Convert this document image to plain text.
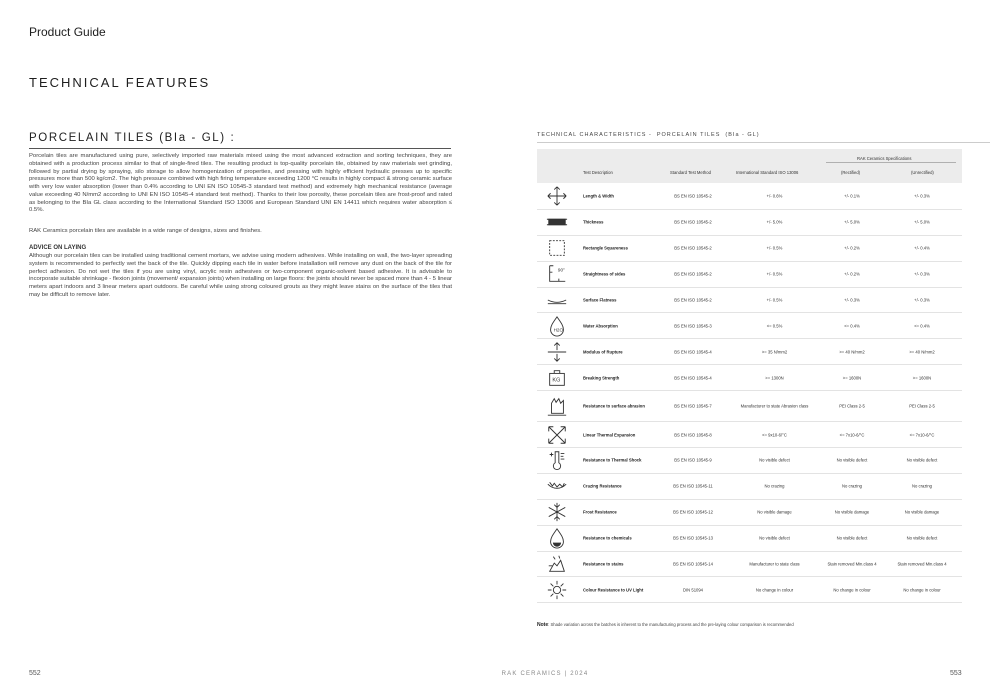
Product Guide
TECHNICAL FEATURES
PORCELAIN TILES (BIa - GL) :

Porcelain tiles are manufactured using pure, selectively imported raw materials mixed using the most advanced extraction and sorting techniques, they are obtained with a production process similar to that of single-fired tiles. The resulting product is top-quality porcelain tile, obtained by raw materials wet grinding, followed by partial drying by spraying, silo storage to allow homogenization of properties, and pressing with highly efficient hydraulic presses up to specific pressures more than 500 kg/cm2. The high pressure combined with high firing temperature exceeding 1200 °C results in highly compact & strong ceramic surface with very low water absorption (lower than 0.4% according to UNI EN ISO 10545-3 standard test method) and extremely high mechanical resistance (average value exceeding 40 N/mm2 according to UNI EN ISO 10545-4 standard test method). Thanks to their low porosity, these porcelain tiles are frost-proof and rated as belonging to the BIa GL class according to the International Standard ISO 13006 and European Standard UNI EN 14411 which requires water absorption ≤ 0.5%.

RAK Ceramics porcelain tiles are available in a wide range of designs, sizes and finishes.

ADVICE ON LAYING

Although our porcelain tiles can be installed using traditional cement mortars, we advise using modern adhesives. While installing on wall, the two-layer spreading system is recommended to perfectly wet the back of the tile. Quickly dipping each tile in water before installation will remove any dust on the back of the tile for perfect adhesion. Do not wet the tiles if you are using vinyl, acrylic resin adhesives or two-component organic-solvent based adhesive. It is advisable to incorporate suitable shrinkage - flexion joints (movement/ expansion joints) when installing on large floors: the joints should never be spaced more than 4 - 5 linear meters apart indoors and 3 linear meters apart outdoors. Be careful while using strong coloured grouts as they might leave stains on the surface of the tiles that may be difficult to remove later.

TECHNICAL CHARACTERISTICS -  PORCELAIN TILES  (BIa - GL)
Test Description	Standard Test Method	International Standard ISO 13006	(Rectified)	(Unrectified)
RAK Ceramics Specifications
Length & Width	BS EN ISO 10545-2	+/- 0.6%	+/- 0.1%	+/- 0.3%
Thickness	BS EN ISO 10545-2	+/- 5.0%	+/- 5.0%	+/- 5.0%
Rectangle Squareness	BS EN ISO 10545-2	+/- 0.5%	+/- 0.2%	+/- 0.4%
90°
Straightness of sides	BS EN ISO 10545-2	+/- 0.5%	+/- 0.2%	+/- 0.3%
Surface Flatness	BS EN ISO 10545-2	+/- 0.5%	+/- 0.3%	+/- 0.3%
H2O
Water Absorption	BS EN ISO 10545-3	<= 0.5%	<= 0.4%	<= 0.4%
Modulus of Rupture	BS EN ISO 10545-4	>= 35 N/mm2	>= 40 N/mm2	>= 40 N/mm2
KG	Breaking Strength	BS EN ISO 10545-4	>= 1300N	>= 1600N	>= 1600N
Resistance to surface abrasion	BS EN ISO 10545-7	Manufacturer to state Abrasion class	PEI Class 2-5	PEI Class 2-5
Linear Thermal Expansion	BS EN ISO 10545-8	<= 9x10-6/°C	<= 7x10-6/°C	<= 7x10-6/°C
Resistance to Thermal Shock	BS EN ISO 10545-9	No visible defect	No visible defect	No visible defect
Crazing Resistance	BS EN ISO 10545-11	No crazing	No crazing	No crazing
Frost Resistance	BS EN ISO 10545-12	No visible damage	No visible damage	No visible damage
Resistance to chemicals	BS EN ISO 10545-13	No visible defect	No visible defect	No visible defect
Resistance to stains	BS EN ISO 10545-14	Manufacturer to state class	Stain removed Min.class 4	Stain removed Min.class 4
Colour Resistance to UV Light	DIN 51094	No change in colour	No change in colour	No change in colour
Note: Shade variation across the batches is inherent to the manufacturing process and the pre-laying colour comparison is recommended
552	RAK CERAMICS | 2024	553
